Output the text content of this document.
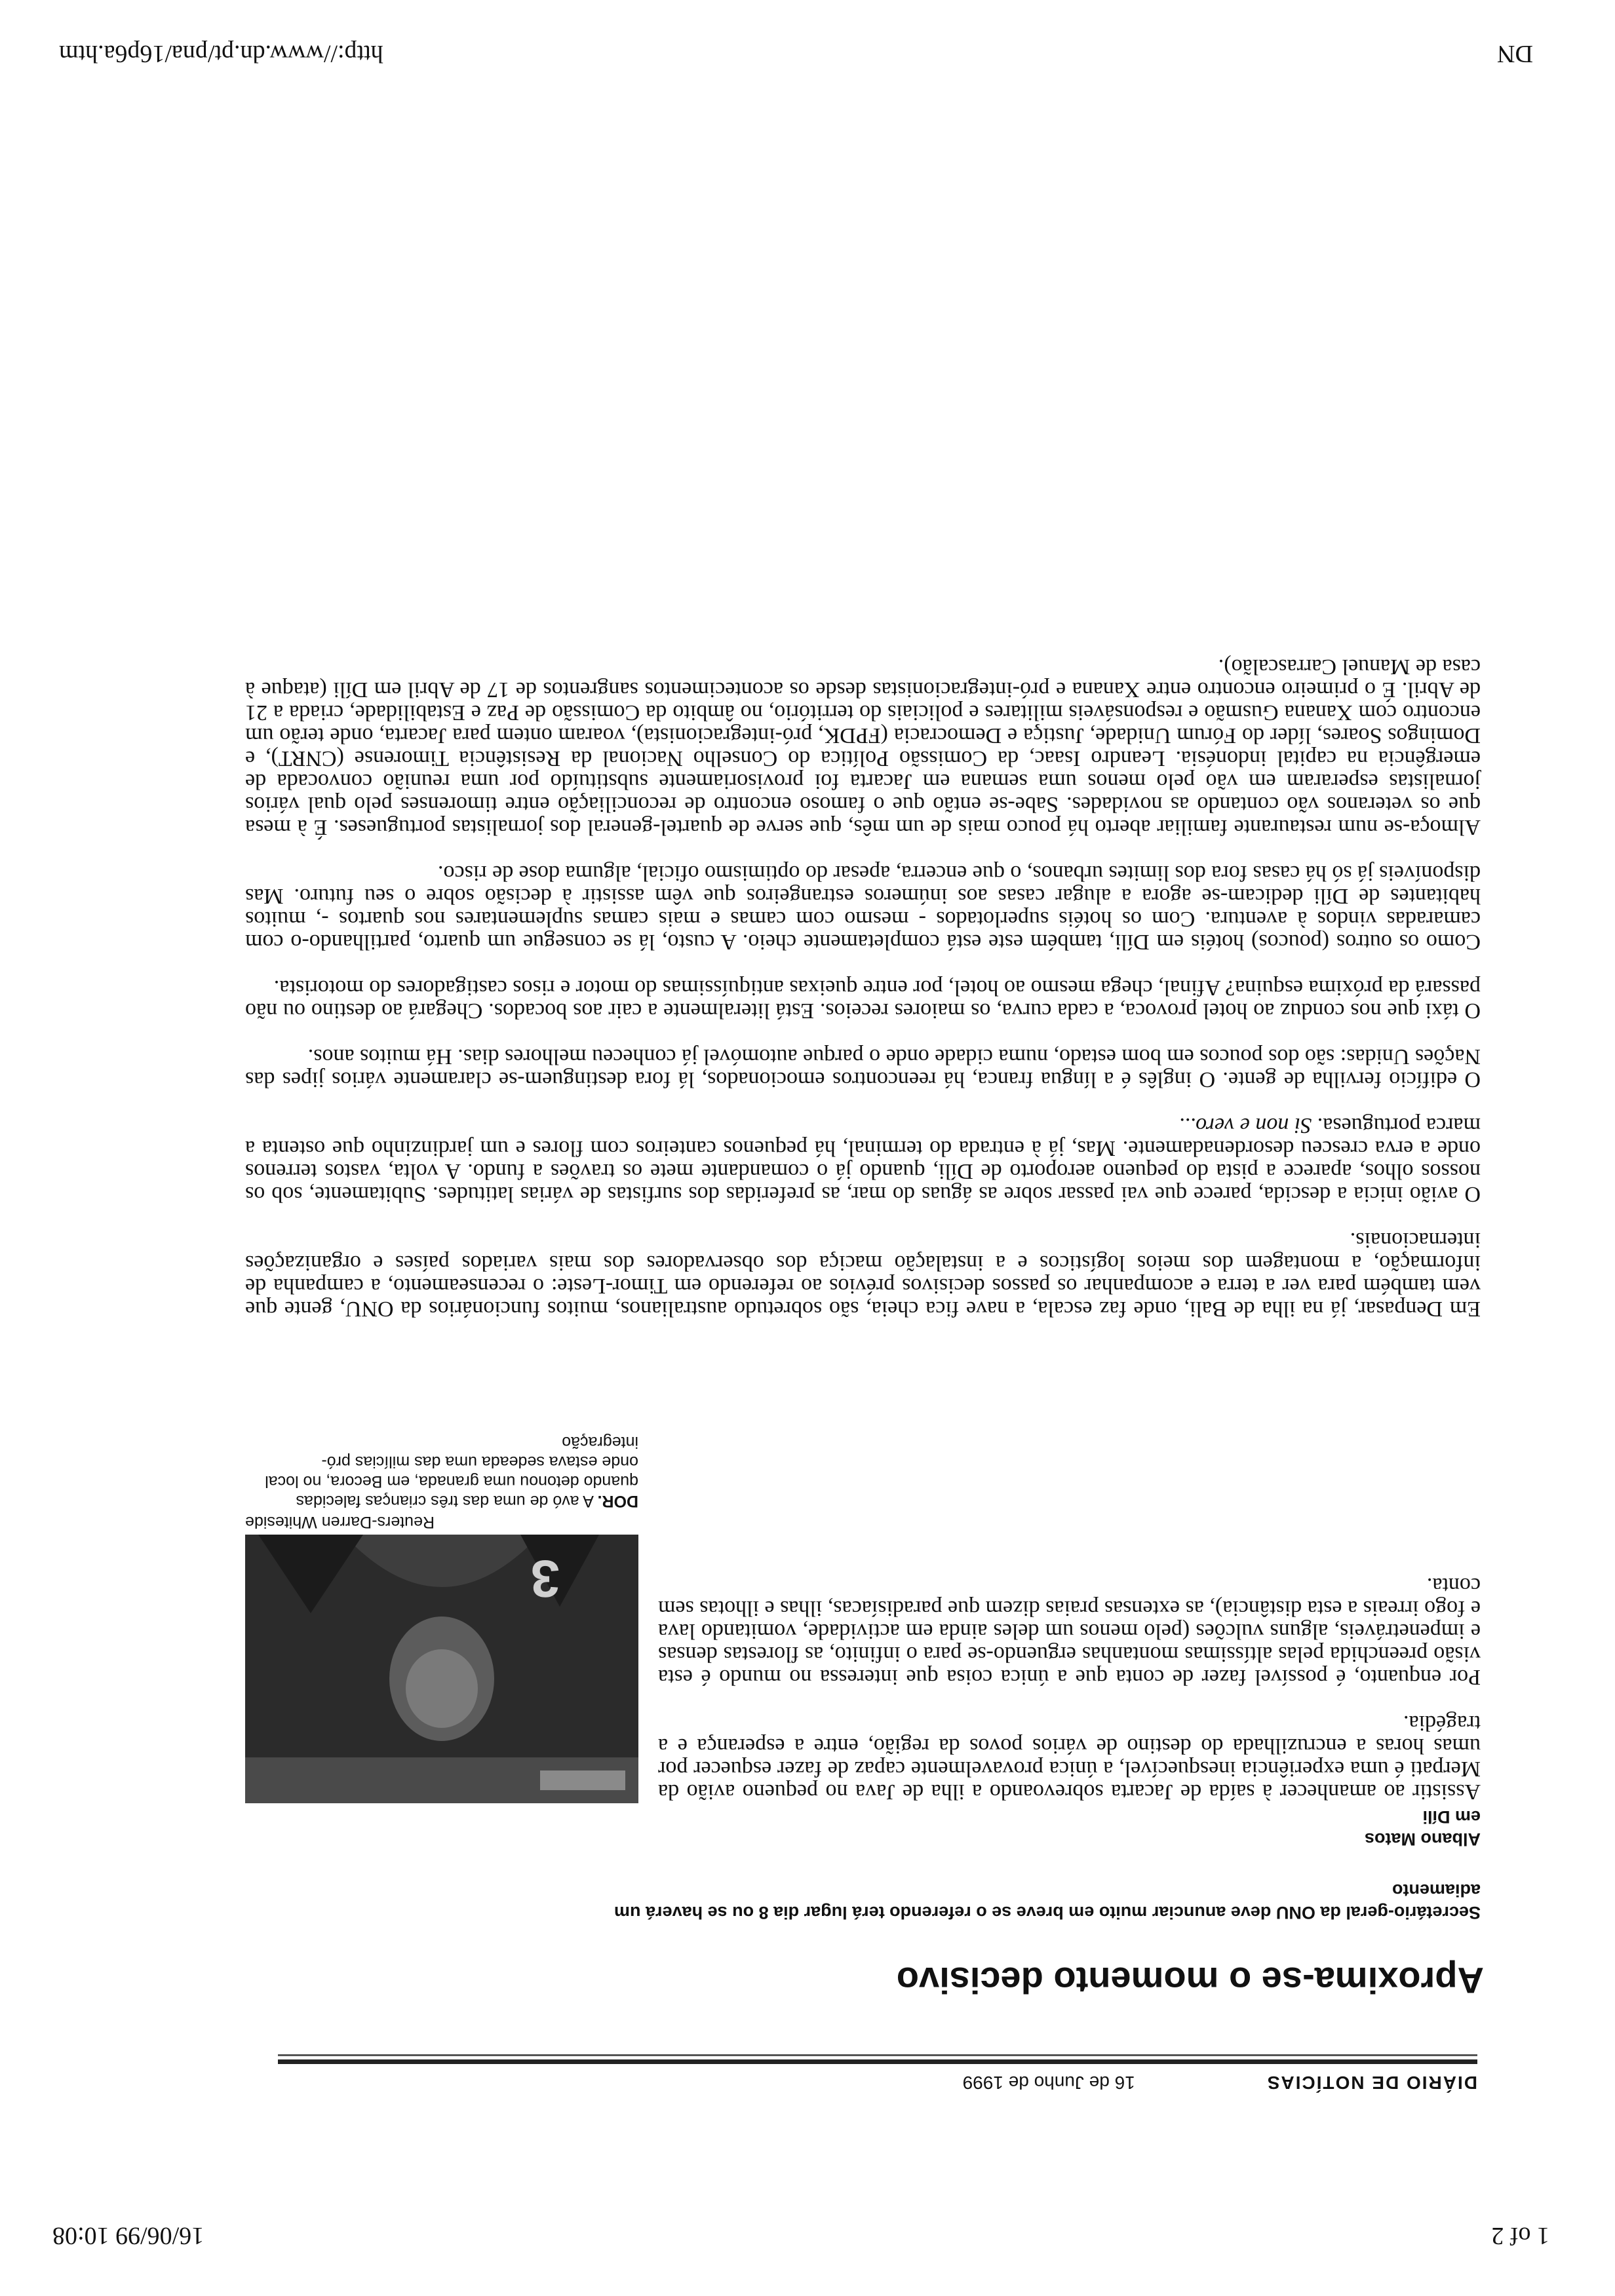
1 of 2
16/06/99 10:08
DIÁRIO DE NOTÍCIAS
16 de Junho de 1999
Aproxima-se o momento decisivo
Secretário-geral da ONU deve anunciar muito em breve se o referendo terá lugar dia 8 ou se haverá um adiamento
Albano Matos
em Díli
3
Reuters-Darren Whiteside

DOR. A avó de uma das três crianças falecidas quando detonou uma granada, em Becora, no local onde estava sedeada uma das milícias pró-integração

Assistir ao amanhecer à saída de Jacarta sobrevoando a ilha de Java no pequeno avião da Merpati é uma experiência inesquecível, a única provavelmente capaz de fazer esquecer por umas horas a encruzilhada do destino de vários povos da região, entre a esperança e a tragédia.

Por enquanto, é possível fazer de conta que a única coisa que interessa no mundo é esta visão preenchida pelas altíssimas montanhas erguendo-se para o infinito, as florestas densas e impenetráveis, alguns vulcões (pelo menos um deles ainda em actividade, vomitando lava e fogo irreais a esta distância), as extensas praias dizem que paradisíacas, ilhas e ilhotas sem conta.

Em Denpasar, já na ilha de Bali, onde faz escala, a nave fica cheia, são sobretudo australianos, muitos funcionários da ONU, gente que vem também para ver a terra e acompanhar os passos decisivos prévios ao referendo em Timor-Leste: o recenseamento, a campanha de informação, a montagem dos meios logísticos e a instalação maciça dos observadores dos mais variados países e organizações internacionais.

O avião inicia a descida, parece que vai passar sobre as águas do mar, as preferidas dos surfistas de várias latitudes. Subitamente, sob os nossos olhos, aparece a pista do pequeno aeroporto de Díli, quando já o comandante mete os travões a fundo. A volta, vastos terrenos onde a erva cresceu desordenadamente. Mas, já à entrada do terminal, há pequenos canteiros com flores e um jardinzinho que ostenta a marca portuguesa. Si non e vero...

O edifício fervilha de gente. O inglês é a língua franca, há reencontros emocionados, lá fora destinguem-se claramente vários jipes das Nações Unidas: são dos poucos em bom estado, numa cidade onde o parque automóvel já conheceu melhores dias. Há muitos anos.

O táxi que nos conduz ao hotel provoca, a cada curva, os maiores receios. Está literalmente a cair aos bocados. Chegará ao destino ou não passará da próxima esquina? Afinal, chega mesmo ao hotel, por entre queixas antiquíssimas do motor e risos castigadores do motorista.

Como os outros (poucos) hotéis em Díli, também este está completamente cheio. A custo, lá se consegue um quarto, partilhando-o com camaradas vindos à aventura. Com os hotéis superlotados - mesmo com camas e mais camas suplementares nos quartos -, muitos habitantes de Díli dedicam-se agora a alugar casas aos inúmeros estrangeiros que vêm assistir à decisão sobre o seu futuro. Mas disponíveis já só há casas fora dos limites urbanos, o que encerra, apesar do optimismo oficial, alguma dose de risco.

Almoça-se num restaurante familiar aberto há pouco mais de um mês, que serve de quartel-general dos jornalistas portugueses. É à mesa que os veteranos vão contando as novidades. Sabe-se então que o famoso encontro de reconciliação entre timorenses pelo qual vários jornalistas esperaram em vão pelo menos uma semana em Jacarta foi provisoriamente substituído por uma reunião convocada de emergência na capital indonésia. Leandro Isaac, da Comissão Política do Conselho Nacional da Resistência Timorense (CNRT), e Domingos Soares, líder do Fórum Unidade, Justiça e Democracia (FPDK, pró-integracionista), voaram ontem para Jacarta, onde terão um encontro com Xanana Gusmão e responsáveis militares e policiais do território, no âmbito da Comissão de Paz e Estabilidade, criada a 21 de Abril. É o primeiro encontro entre Xanana e pró-integracionistas desde os acontecimentos sangrentos de 17 de Abril em Díli (ataque à casa de Manuel Carrascalão).

DN
http://www.dn.pt/pna/16p6a.htm
